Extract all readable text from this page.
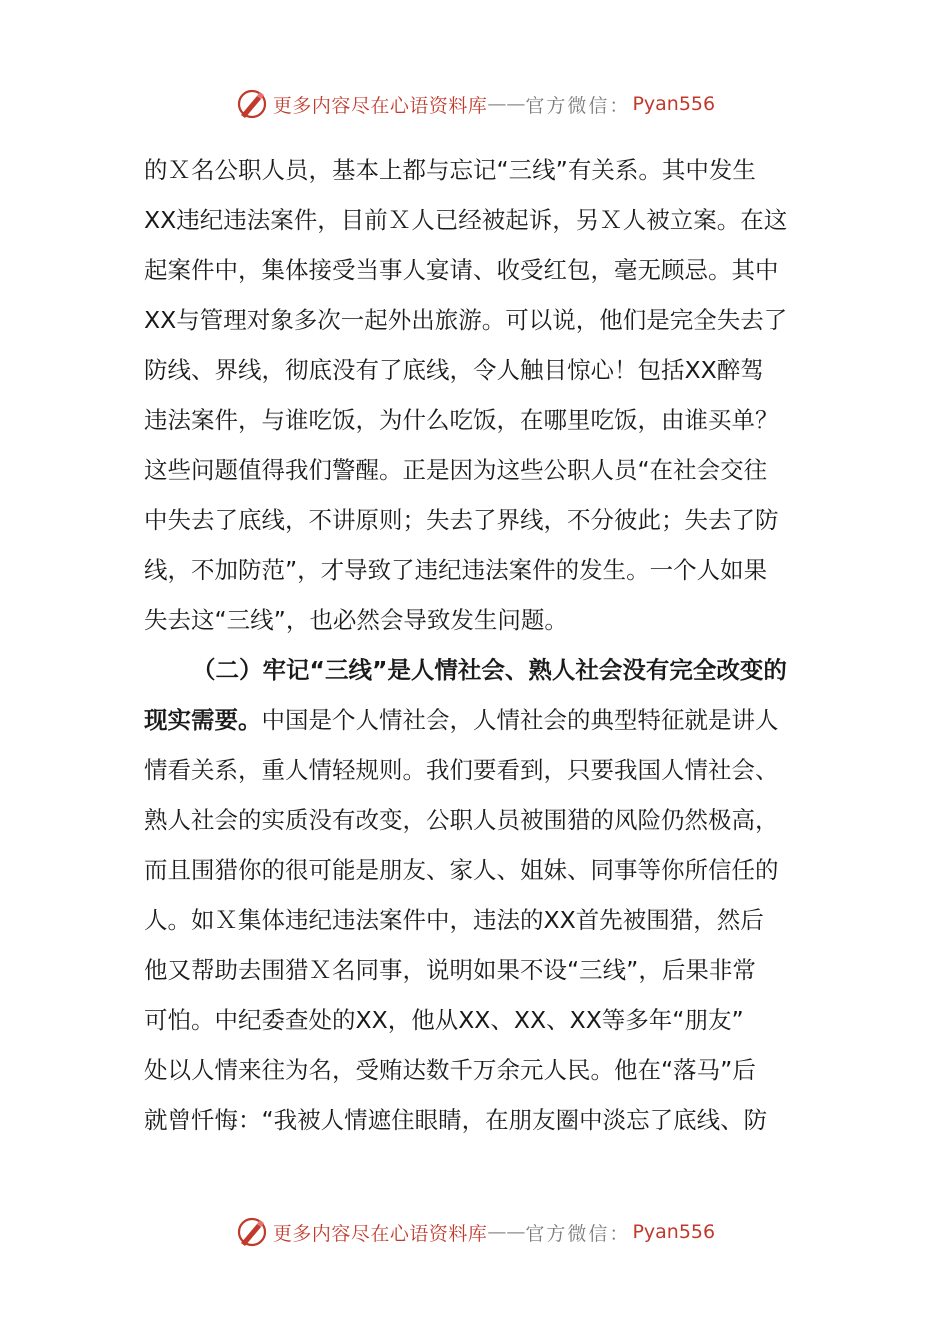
更多内容尽在心语资料库 —— 官方微信： Pyan556
的Ｘ名公职人员，基本上都与忘记“三线”有关系。其中发生
XX违纪违法案件，目前Ｘ人已经被起诉，另Ｘ人被立案。在这
起案件中，集体接受当事人宴请、收受红包，毫无顾忌。其中
XX与管理对象多次一起外出旅游。可以说，他们是完全失去了
防线、界线，彻底没有了底线，令人触目惊心！包括XX醉驾
违法案件，与谁吃饭，为什么吃饭，在哪里吃饭，由谁买单？
这些问题值得我们警醒。正是因为这些公职人员“在社会交往
中失去了底线，不讲原则；失去了界线，不分彼此；失去了防
线，不加防范”，才导致了违纪违法案件的发生。一个人如果
失去这“三线”，也必然会导致发生问题。
（二）牢记“三线”是人情社会、熟人社会没有完全改变的
现实需要。中国是个人情社会，人情社会的典型特征就是讲人
情看关系，重人情轻规则。我们要看到，只要我国人情社会、
熟人社会的实质没有改变，公职人员被围猎的风险仍然极高，
而且围猎你的很可能是朋友、家人、姐妹、同事等你所信任的
人。如Ｘ集体违纪违法案件中，违法的XX首先被围猎，然后
他又帮助去围猎Ｘ名同事，说明如果不设“三线”，后果非常
可怕。中纪委查处的XX，他从XX、XX、XX等多年“朋友”
处以人情来往为名，受贿达数千万余元人民。他在“落马”后
就曾忏悔：“我被人情遮住眼睛，在朋友圈中淡忘了底线、防
更多内容尽在心语资料库 —— 官方微信： Pyan556
